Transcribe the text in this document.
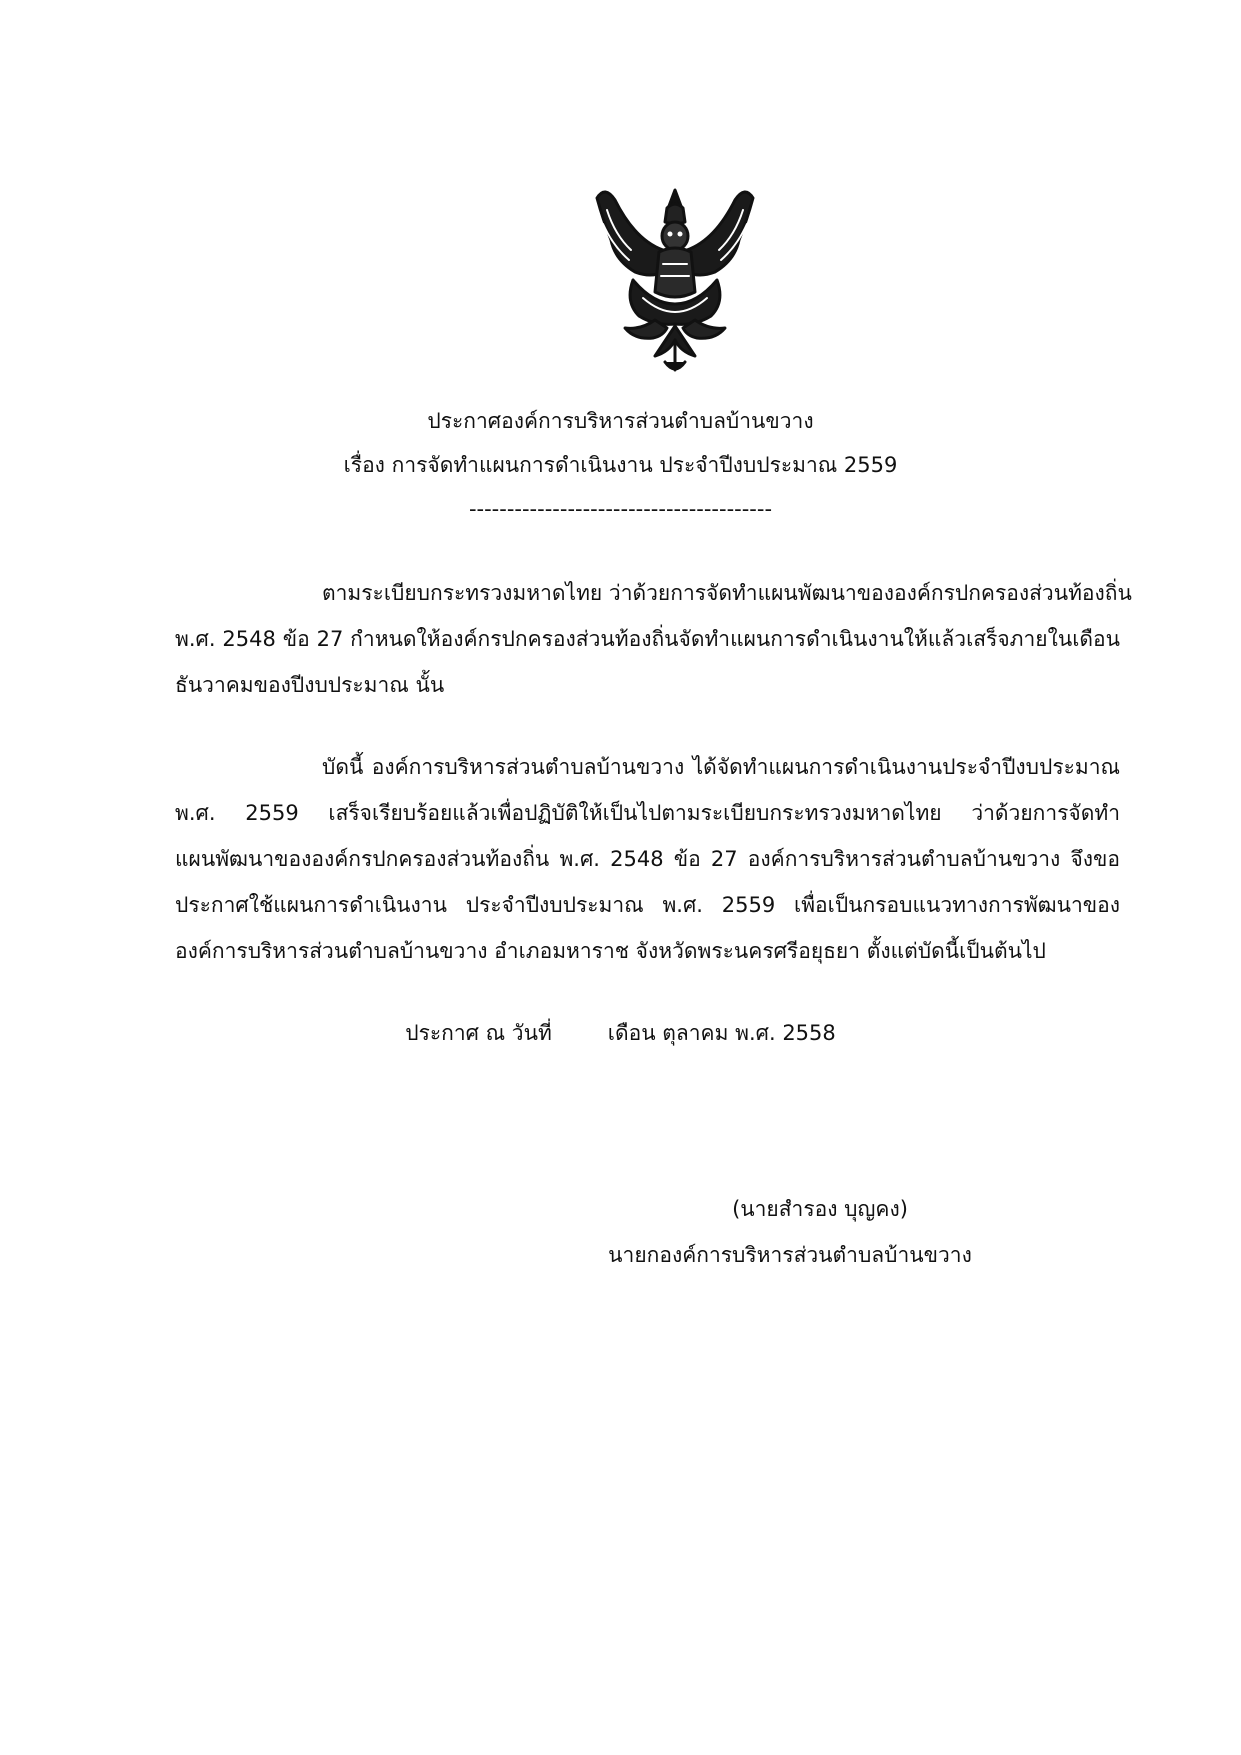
ประกาศองค์การบริหารส่วนตำบลบ้านขวาง
เรื่อง การจัดทำแผนการดำเนินงาน ประจำปีงบประมาณ 2559
----------------------------------------
ตามระเบียบกระทรวงมหาดไทย ว่าด้วยการจัดทำแผนพัฒนาขององค์กรปกครองส่วนท้องถิ่น
พ.ศ. 2548 ข้อ 27 กำหนดให้องค์กรปกครองส่วนท้องถิ่นจัดทำแผนการดำเนินงานให้แล้วเสร็จภายในเดือน
ธันวาคมของปีงบประมาณ นั้น
บัดนี้ องค์การบริหารส่วนตำบลบ้านขวาง ได้จัดทำแผนการดำเนินงานประจำปีงบประมาณ
พ.ศ. 2559 เสร็จเรียบร้อยแล้วเพื่อปฏิบัติให้เป็นไปตามระเบียบกระทรวงมหาดไทย ว่าด้วยการจัดทำ
แผนพัฒนาขององค์กรปกครองส่วนท้องถิ่น พ.ศ. 2548 ข้อ 27 องค์การบริหารส่วนตำบลบ้านขวาง จึงขอ
ประกาศใช้แผนการดำเนินงาน ประจำปีงบประมาณ พ.ศ. 2559 เพื่อเป็นกรอบแนวทางการพัฒนาของ
องค์การบริหารส่วนตำบลบ้านขวาง อำเภอมหาราช จังหวัดพระนครศรีอยุธยา ตั้งแต่บัดนี้เป็นต้นไป
ประกาศ ณ วันที่	เดือน ตุลาคม พ.ศ. 2558
(นายสำรอง บุญคง)
นายกองค์การบริหารส่วนตำบลบ้านขวาง
